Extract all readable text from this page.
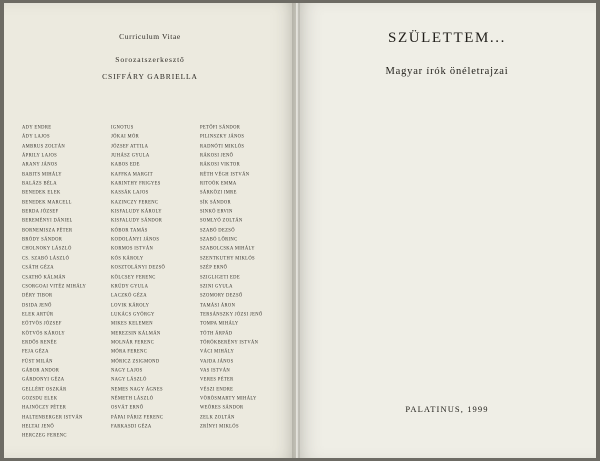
Curriculum Vitae
Sorozatszerkesztő
CSIFFÁRY GABRIELLA
ADY ENDRE
ÁDY LAJOS
AMBRUS ZOLTÁN
ÁPRILY LAJOS
ARANY JÁNOS
BABITS MIHÁLY
BALÁZS BÉLA
BENEDEK ELEK
BENEDEK MARCELL
BERDA JÓZSEF
BEREMÉNYI DÁNIEL
BORNEMISZA PÉTER
BRÓDY SÁNDOR
CHOLNOKY LÁSZLÓ
CS. SZABÓ LÁSZLÓ
CSÁTH GÉZA
CSATHÓ KÁLMÁN
CSORGOAI VITÉZ MIHÁLY
DÉRY TIBOR
DSIDA JENŐ
ELEK ARTÚR
EÖTVÖS JÓZSEF
KÖTVÖS KÁROLY
ERDŐS RENÉE
FEJA GÉZA
FÜST MILÁN
GÁBOR ANDOR
GÁRDONYI GÉZA
GELLÉRT OSZKÁR
GOZSDU ELEK
HAJNÓCZY PÉTER
HALTENBERGER ISTVÁN
HELTAI JENŐ
HERCZEG FERENC
IGNOTUS
JÓKAI MÓR
JÓZSEF ATTILA
JUHÁSZ GYULA
KABOS EDE
KAFFKA MARGIT
KARINTHY FRIGYES
KASSÁK LAJOS
KAZINCZY FERENC
KISFALUDY KÁROLY
KISFALUDY SÁNDOR
KÓBOR TAMÁS
KODOLÁNYI JÁNOS
KORMOS ISTVÁN
KÓS KÁROLY
KOSZTOLÁNYI DEZSŐ
KÖLCSEY FERENC
KRÚDY GYULA
LACZKÓ GÉZA
LOVIK KÁROLY
LUKÁCS GYÖRGY
MIKES KELEMEN
MEREZSIN KÁLMÁN
MOLNÁR FERENC
MÓRA FERENC
MÓRICZ ZSIGMOND
NAGY LAJOS
NAGY LÁSZLÓ
NEMES NAGY ÁGNES
NÉMETH LÁSZLÓ
OSVÁT ERNŐ
PÁPAI PÁRIZ FERENC
FARKASDI GÉZA
PETŐFI SÁNDOR
PILINSZKY JÁNOS
RADNÓTI MIKLÓS
RÁKOSI JENŐ
RÁKOSI VIKTOR
RÉTH VÉGH ISTVÁN
RITOÓK EMMA
SÁRKÖZI IMRE
SÍK SÁNDOR
SINKÓ ERVIN
SOMLYÓ ZOLTÁN
SZABÓ DEZSŐ
SZABÓ LŐRINC
SZABOLCSKA MIHÁLY
SZENTKUTHY MIKLÓS
SZÉP ERNŐ
SZIGLIGETI EDE
SZINI GYULA
SZOMORY DEZSŐ
TAMÁSI ÁRON
TERSÁNSZKY JÓZSI JENŐ
TOMPA MIHÁLY
TÓTH ÁRPÁD
TÖRÖKBERÉNY ISTVÁN
VÁCI MIHÁLY
VAJDA JÁNOS
VAS ISTVÁN
VERES PÉTER
VÉSZI ENDRE
VÖRÖSMARTY MIHÁLY
WEÖRES SÁNDOR
ZELK ZOLTÁN
ZRÍNYI MIKLÓS
SZÜLETTEM...
Magyar írók önéletrajzai
PALATINUS, 1999
